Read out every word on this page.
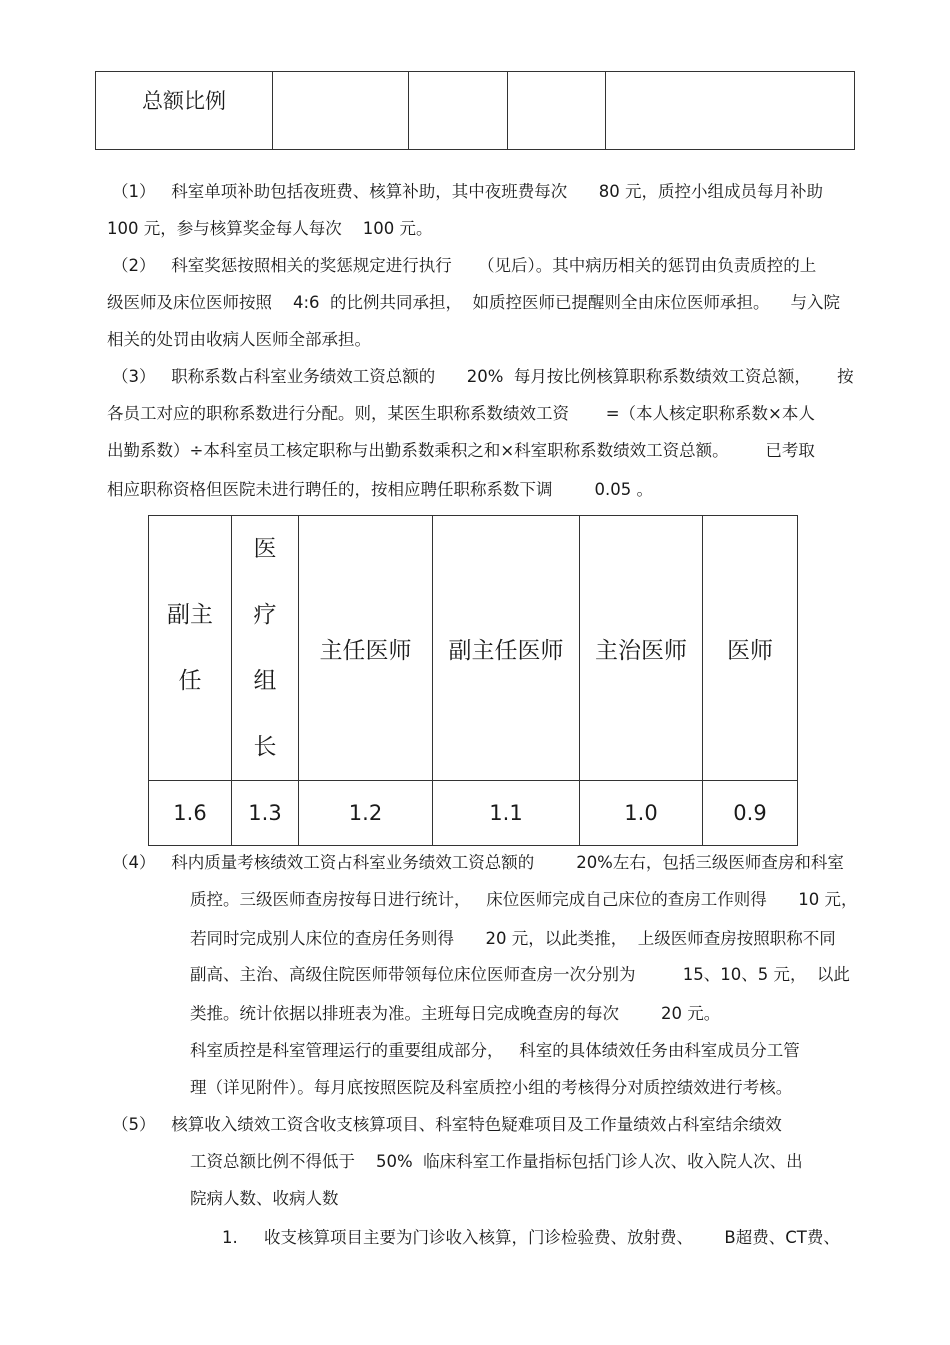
总额比例				
（1）   科室单项补助包括夜班费、核算补助，其中夜班费每次      80 元，质控小组成员每月补助
100 元，参与核算奖金每人每次    100 元。
（2）   科室奖惩按照相关的奖惩规定进行执行     （见后）。其中病历相关的惩罚由负责质控的上
级医师及床位医师按照    4:6  的比例共同承担，  如质控医师已提醒则全由床位医师承担。    与入院
相关的处罚由收病人医师全部承担。
（3）   职称系数占科室业务绩效工资总额的      20%  每月按比例核算职称系数绩效工资总额，     按
各员工对应的职称系数进行分配。则，某医生职称系数绩效工资       =（本人核定职称系数×本人
出勤系数）÷本科室员工核定职称与出勤系数乘积之和×科室职称系数绩效工资总额。       已考取
相应职称资格但医院未进行聘任的，按相应聘任职称系数下调        0.05 。
副主任	医疗组长	主任医师	副主任医师	主治医师	医师
1.6	1.3	1.2	1.1	1.0	0.9
（4）   科内质量考核绩效工资占科室业务绩效工资总额的        20%左右，包括三级医师查房和科室
质控。三级医师查房按每日进行统计，   床位医师完成自己床位的查房工作则得      10 元，
若同时完成别人床位的查房任务则得      20 元，以此类推，  上级医师查房按照职称不同
副高、主治、高级住院医师带领每位床位医师查房一次分别为         15、10、5 元，  以此
类推。统计依据以排班表为准。主班每日完成晚查房的每次        20 元。
科室质控是科室管理运行的重要组成部分，   科室的具体绩效任务由科室成员分工管
理（详见附件）。每月底按照医院及科室质控小组的考核得分对质控绩效进行考核。
（5）   核算收入绩效工资含收支核算项目、科室特色疑难项目及工作量绩效占科室结余绩效
工资总额比例不得低于    50%  临床科室工作量指标包括门诊人次、收入院人次、出
院病人数、收病人数
1.     收支核算项目主要为门诊收入核算，门诊检验费、放射费、      B超费、CT费、
